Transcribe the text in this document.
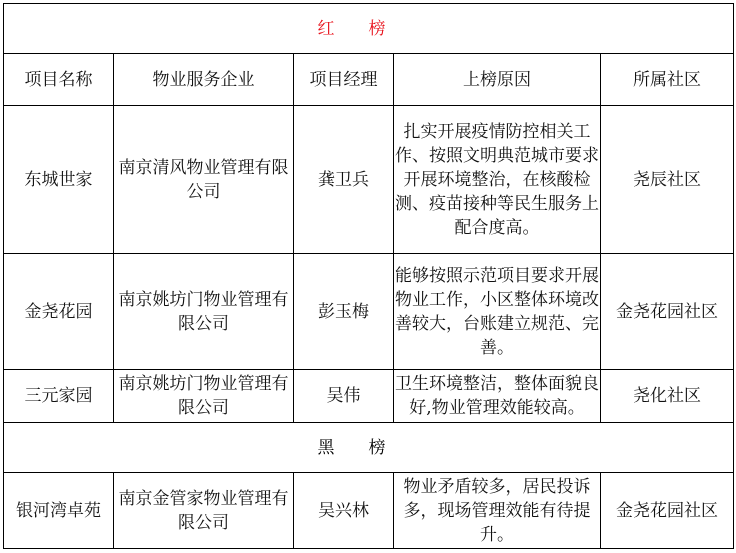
红榜				
项目名称	物业服务企业	项目经理	上榜原因	所属社区
东城世家	南京清风物业管理有限公司	龚卫兵	扎实开展疫情防控相关工作、按照文明典范城市要求开展环境整治，在核酸检测、疫苗接种等民生服务上配合度高。	尧辰社区
金尧花园	南京姚坊门物业管理有限公司	彭玉梅	能够按照示范项目要求开展物业工作，小区整体环境改善较大，台账建立规范、完善。	金尧花园社区
三元家园	南京姚坊门物业管理有限公司	吴伟	卫生环境整洁，整体面貌良好,物业管理效能较高。	尧化社区
黑榜				
银河湾卓苑	南京金管家物业管理有限公司	吴兴林	物业矛盾较多，居民投诉多，现场管理效能有待提升。	金尧花园社区
